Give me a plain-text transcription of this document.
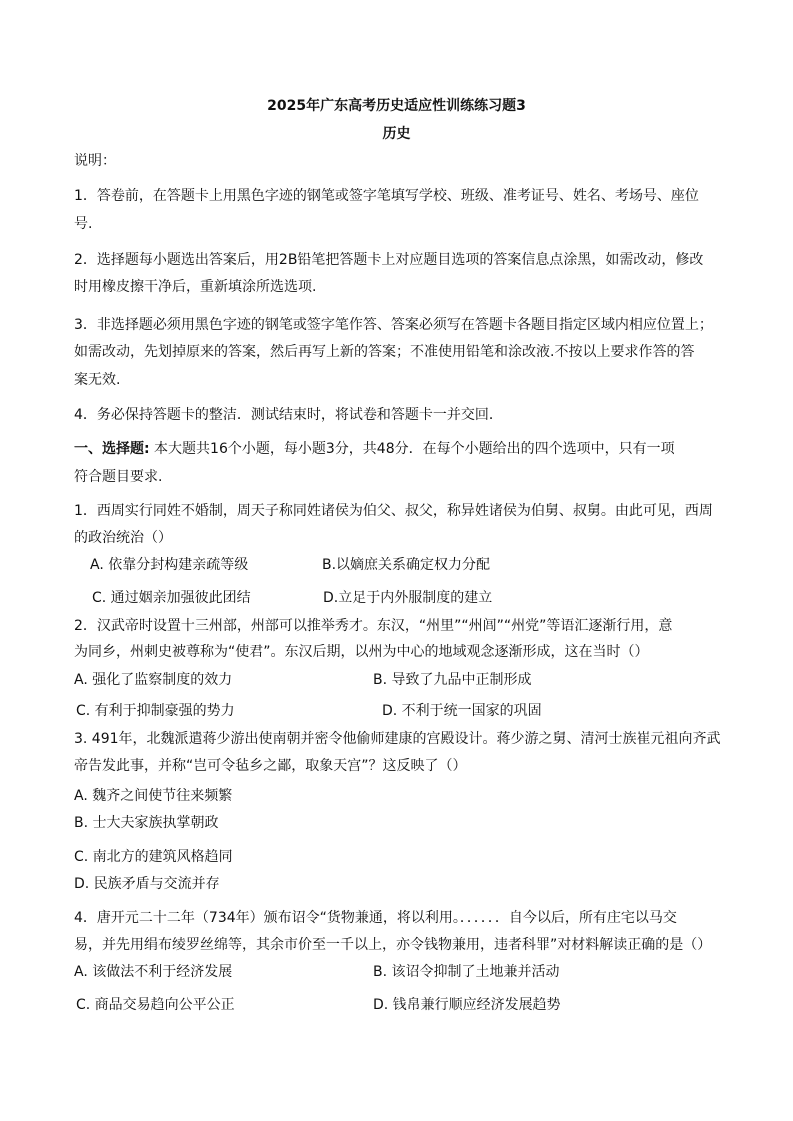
2025年广东高考历史适应性训练练习题3
历史
说明：
1．答卷前，在答题卡上用黑色字迹的钢笔或签字笔填写学校、班级、准考证号、姓名、考场号、座位
号.
2．选择题每小题选出答案后，用2B铅笔把答题卡上对应题目选项的答案信息点涂黑，如需改动，修改
时用橡皮擦干净后，重新填涂所选选项.
3．非选择题必须用黑色字迹的钢笔或签字笔作答、答案必须写在答题卡各题目指定区域内相应位置上；
如需改动，先划掉原来的答案，然后再写上新的答案；不准使用铅笔和涂改液.不按以上要求作答的答
案无效.
4．务必保持答题卡的整洁．测试结束时，将试卷和答题卡一并交回．
一、选择题: 本大题共16个小题，每小题3分，共48分．在每个小题给出的四个选项中，只有一项
符合题目要求.
1．西周实行同姓不婚制，周天子称同姓诸侯为伯父、叔父，称异姓诸侯为伯舅、叔舅。由此可见，西周
的政治统治（）
A. 依靠分封构建亲疏等级	B.以嫡庶关系确定权力分配
C. 通过姻亲加强彼此团结	D.立足于内外服制度的建立
2．汉武帝时设置十三州部，州部可以推举秀才。东汉，“州里”“州闾”“州党”等语汇逐渐行用，意
为同乡，州刺史被尊称为“使君”。东汉后期，以州为中心的地域观念逐渐形成，这在当时（）
A. 强化了监察制度的效力	B. 导致了九品中正制形成
C. 有利于抑制豪强的势力	D. 不利于统一国家的巩固
3. 491年，北魏派遣蒋少游出使南朝并密令他偷师建康的宫殿设计。蒋少游之舅、清河士族崔元祖向齐武
帝告发此事，并称“岂可令毡乡之鄙，取象天宫”？这反映了（）
A. 魏齐之间使节往来频繁
B. 士大夫家族执掌朝政
C. 南北方的建筑风格趋同
D. 民族矛盾与交流并存
4．唐开元二十二年（734年）颁布诏令“货物兼通，将以利用。．．．．．．自今以后，所有庄宅以马交
易，并先用绢布绫罗丝绵等，其余市价至一千以上，亦令钱物兼用，违者科罪”对材料解读正确的是（）
A. 该做法不利于经济发展	B. 该诏令抑制了土地兼并活动
C. 商品交易趋向公平公正	D. 钱帛兼行顺应经济发展趋势
